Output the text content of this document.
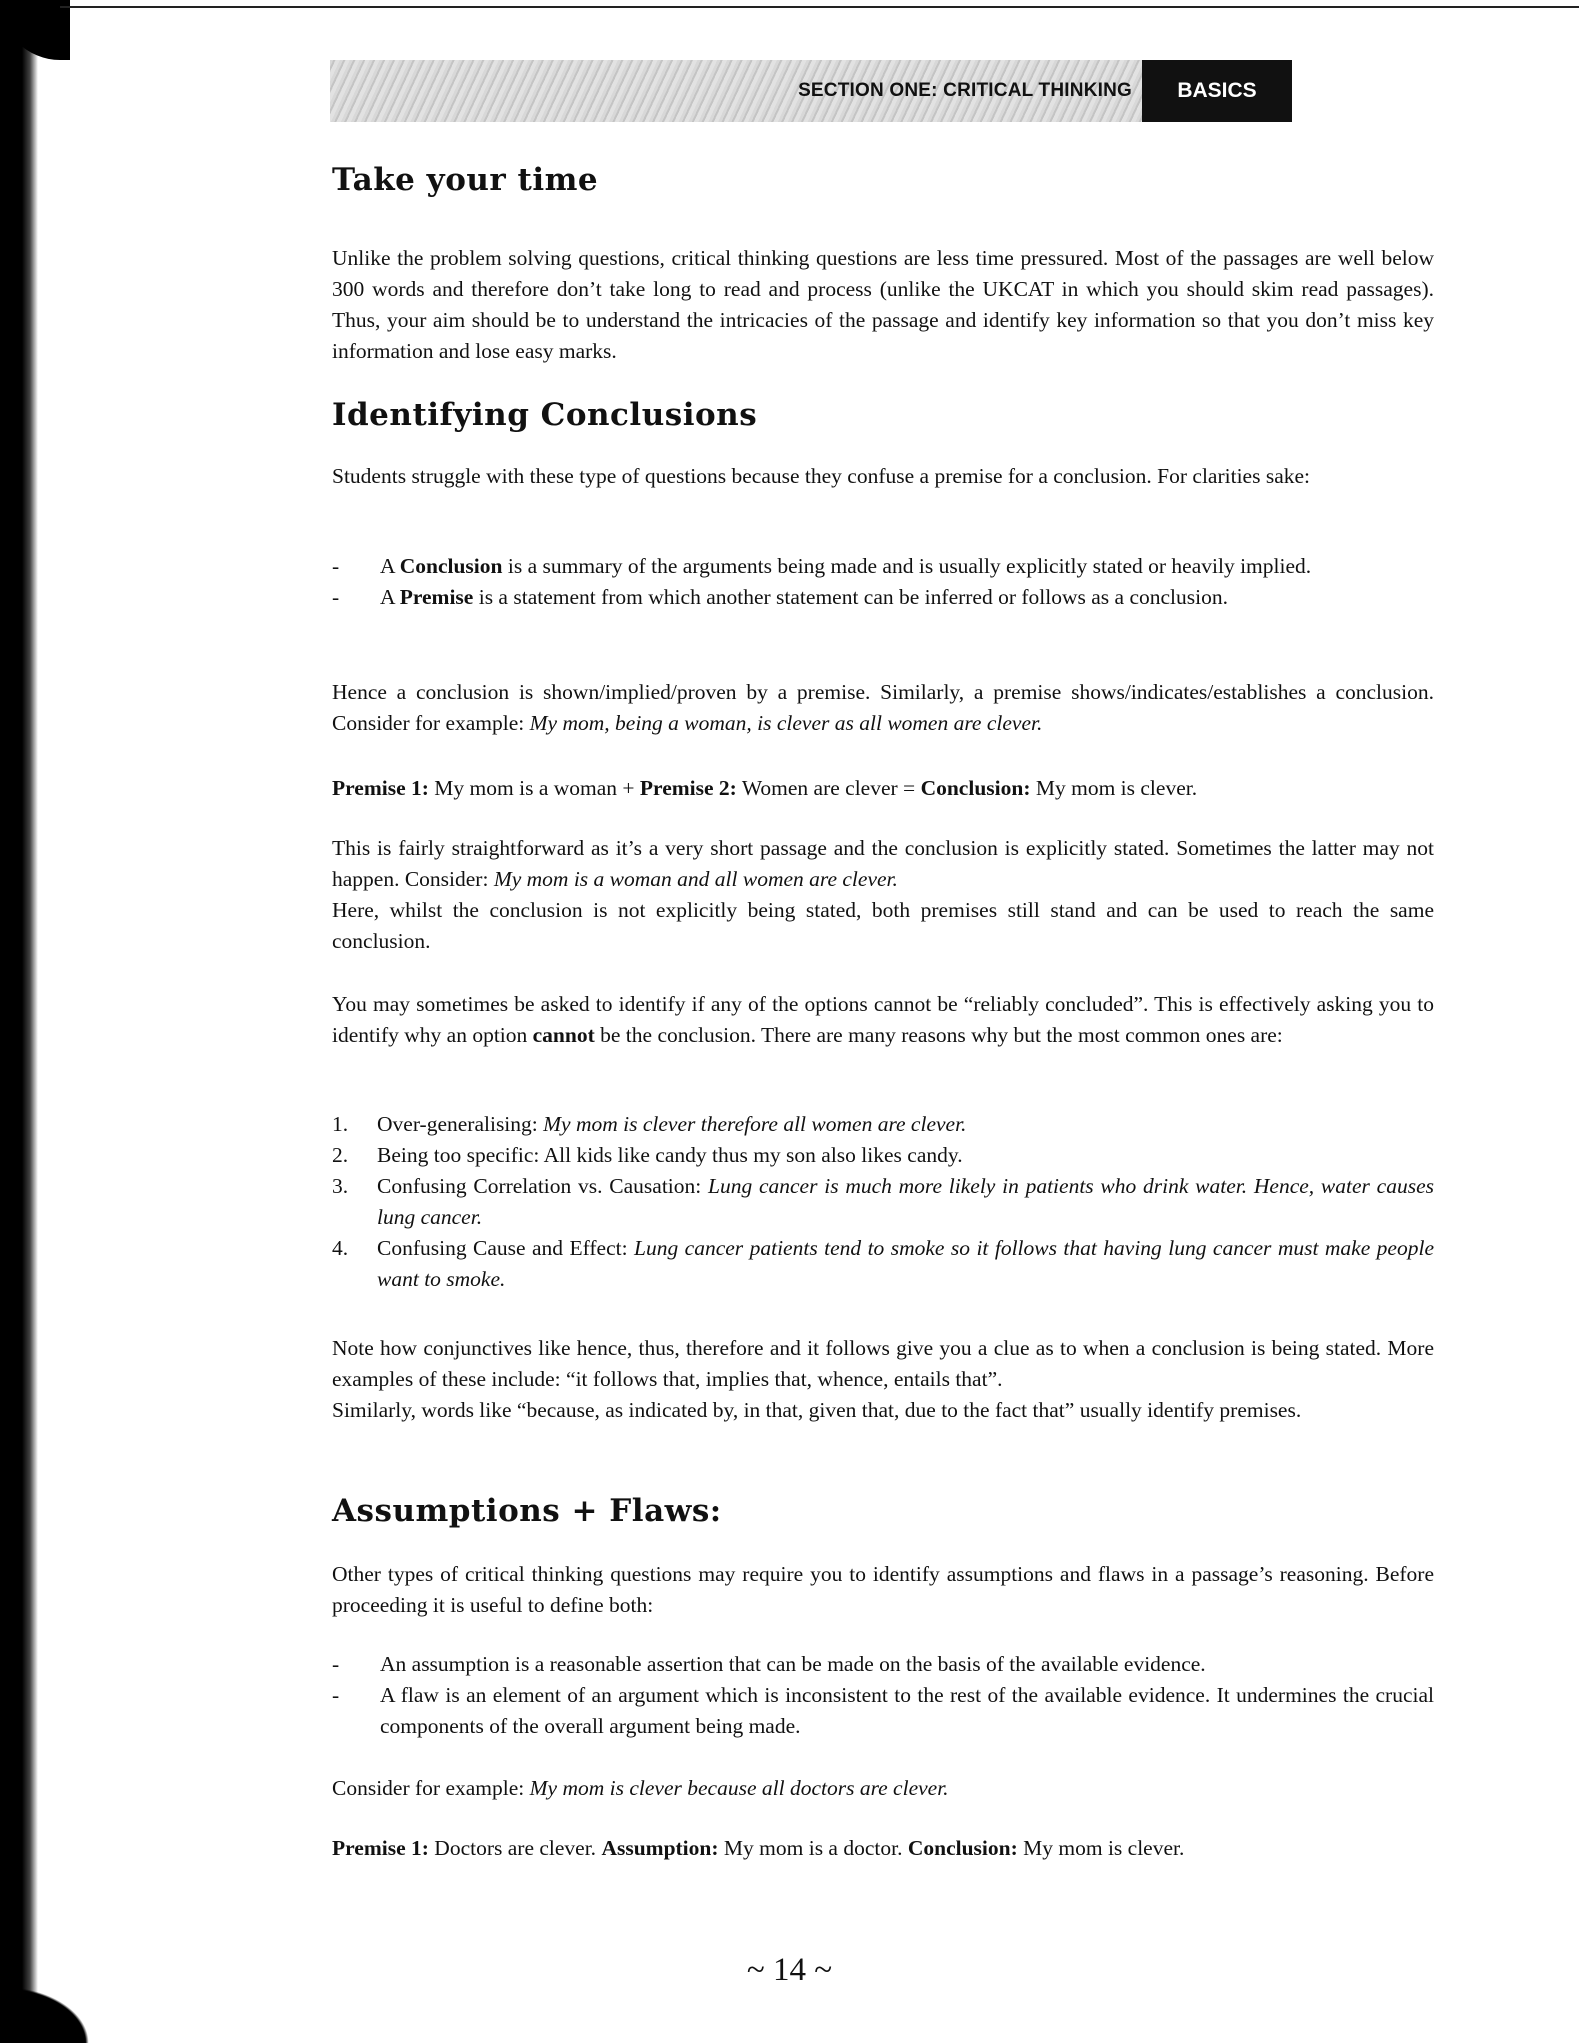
SECTION ONE: CRITICAL THINKING	BASICS
Take your time

Unlike the problem solving questions, critical thinking questions are less time pressured. Most of the passages are well below 300 words and therefore don’t take long to read and process (unlike the UKCAT in which you should skim read passages). Thus, your aim should be to understand the intricacies of the passage and identify key information so that you don’t miss key information and lose easy marks.

Identifying Conclusions

Students struggle with these type of questions because they confuse a premise for a conclusion. For clarities sake:

- A Conclusion is a summary of the arguments being made and is usually explicitly stated or heavily implied.
- A Premise is a statement from which another statement can be inferred or follows as a conclusion.

Hence a conclusion is shown/implied/proven by a premise. Similarly, a premise shows/indicates/establishes a conclusion. Consider for example: My mom, being a woman, is clever as all women are clever.

Premise 1: My mom is a woman + Premise 2: Women are clever = Conclusion: My mom is clever.

This is fairly straightforward as it’s a very short passage and the conclusion is explicitly stated. Sometimes the latter may not happen. Consider: My mom is a woman and all women are clever.
Here, whilst the conclusion is not explicitly being stated, both premises still stand and can be used to reach the same conclusion.

You may sometimes be asked to identify if any of the options cannot be “reliably concluded”. This is effectively asking you to identify why an option cannot be the conclusion. There are many reasons why but the most common ones are:

1. Over-generalising: My mom is clever therefore all women are clever.
2. Being too specific: All kids like candy thus my son also likes candy.
3. Confusing Correlation vs. Causation: Lung cancer is much more likely in patients who drink water. Hence, water causes lung cancer.
4. Confusing Cause and Effect: Lung cancer patients tend to smoke so it follows that having lung cancer must make people want to smoke.

Note how conjunctives like hence, thus, therefore and it follows give you a clue as to when a conclusion is being stated. More examples of these include: “it follows that, implies that, whence, entails that”.
Similarly, words like “because, as indicated by, in that, given that, due to the fact that” usually identify premises.

Assumptions + Flaws:

Other types of critical thinking questions may require you to identify assumptions and flaws in a passage’s reasoning. Before proceeding it is useful to define both:

- An assumption is a reasonable assertion that can be made on the basis of the available evidence.
- A flaw is an element of an argument which is inconsistent to the rest of the available evidence. It undermines the crucial components of the overall argument being made.

Consider for example: My mom is clever because all doctors are clever.

Premise 1: Doctors are clever. Assumption: My mom is a doctor. Conclusion: My mom is clever.

~ 14 ~
